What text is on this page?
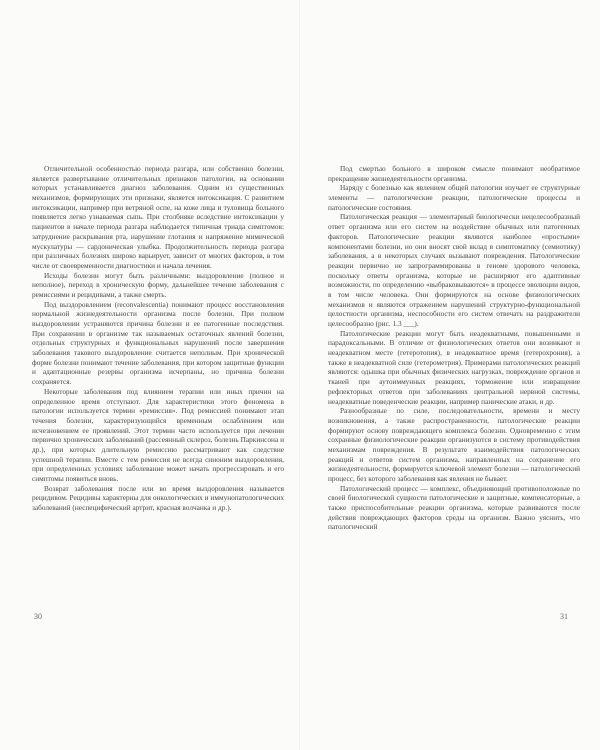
Отличительной особенностью периода разгара, или собственно болезни, является развертывание отличительных признаков патологии, на основании которых устанавливается диагноз заболевания. Одним из существенных механизмов, формирующих эти признаки, является интоксикация. С развитием интоксикации, например при ветряной оспе, на коже лица и туловища больного появляется легко узнаваемая сыпь. При столбняке вследствие интоксикации у пациентов в начале периода разгара наблюдается типичная триада симптомов: затруднение раскрывания рта, нарушение глотания и напряжение мимической мускулатуры — сардоническая улыбка. Продолжительность периода разгара при различных болезнях широко варьирует, зависит от многих факторов, в том числе от своевременности диагностики и начала лечения.

Исходы болезни могут быть различными: выздоровление (полное и неполное), переход в хроническую форму, дальнейшее течение заболевания с ремиссиями и рецидивами, а также смерть.

Под выздоровлением (reconvalescentia) понимают процесс восстановления нормальной жизнедеятельности организма после болезни. При полном выздоровлении устраняются причина болезни и ее патогенные последствия. При сохранении в организме так называемых остаточных явлений болезни, отдельных структурных и функциональных нарушений после завершения заболевания такового выздоровление считается неполным. При хронической форме болезни понимают течение заболевания, при котором защитные функции и адаптационные резервы организма исчерпаны, но причина болезни сохраняется.

Некоторые заболевания под влиянием терапии или иных причин на определенное время отступают. Для характеристики этого феномена в патологии используется термин «ремиссия». Под ремиссией понимают этап течения болезни, характеризующийся временным ослаблением или исчезновением ее проявлений. Этот термин часто используется при лечении первично хронических заболеваний (рассеянный склероз, болезнь Паркинсона и др.), при которых длительную ремиссию рассматривают как следствие успешной терапии. Вместе с тем ремиссия не всегда синоним выздоровления, при определенных условиях заболевание может начать прогрессировать и его симптомы появиться вновь.

Возврат заболевания после или во время выздоровления называется рецидивом. Рецидивы характерны для онкологических и иммунопатологических заболеваний (неспецифический артрит, красная волчанка и др.).

Под смертью больного в широком смысле понимают необратимое прекращение жизнедеятельности организма.

Наряду с болезнью как явлением общей патологии изучает ее структурные элементы — патологические реакции, патологические процессы и патологические состояния.

Патологическая реакция — элементарный биологически нецелесообразный ответ организма или его систем на воздействие обычных или патогенных факторов. Патологические реакции являются наиболее «простыми» компонентами болезни, но они вносят свой вклад в симптоматику (семиотику) заболевания, а в некоторых случаях вызывают повреждения. Патологические реакции первично не запрограммированы в геноме здорового человека, поскольку ответы организма, которые не расширяют его адаптивные возможности, по определению «выбраковываются» в процессе эволюции видов, в том числе человека. Они формируются на основе физиологических механизмов и являются отражением нарушений структурно-функциональной целостности организма, неспособности его систем отвечать на раздражители целесообразно (рис. 1.3 ___).

Патологические реакции могут быть неадекватными, повышенными и парадоксальными. В отличие от физиологических ответов они возникают и неадекватном месте (гетеротопия), в неадекватное время (гетерохрония), а также в неадекватной силе (гетерометрия). Примерами патологических реакций являются: одышка при обычных физических нагрузках, повреждение органов и тканей при аутоиммунных реакциях, торможение или извращение рефлекторных ответов при заболеваниях центральной нервной системы, неадекватные поведенческие реакции, например панические атаки, и др.

Разнообразные по силе, последовательности, времени и месту возникновения, а также распространенности, патологические реакции формируют основу повреждающего комплекса болезни. Одновременно с этим сохранные физиологические реакции организуются в систему противодействия механизмам повреждения. В результате взаимодействия патологических реакций и ответов систем организма, направленных на сохранение его жизнедеятельности, формируется ключевой элемент болезни — патологический процесс, без которого заболевания как явления не бывает.

Патологический процесс — комплекс, объединяющий противоположные по своей биологической сущности патологические и защитные, компенсаторные, а также приспособительные реакции организма, которые развиваются после действия повреждающих факторов среды на организм. Важно уяснить, что патологический

30	31
